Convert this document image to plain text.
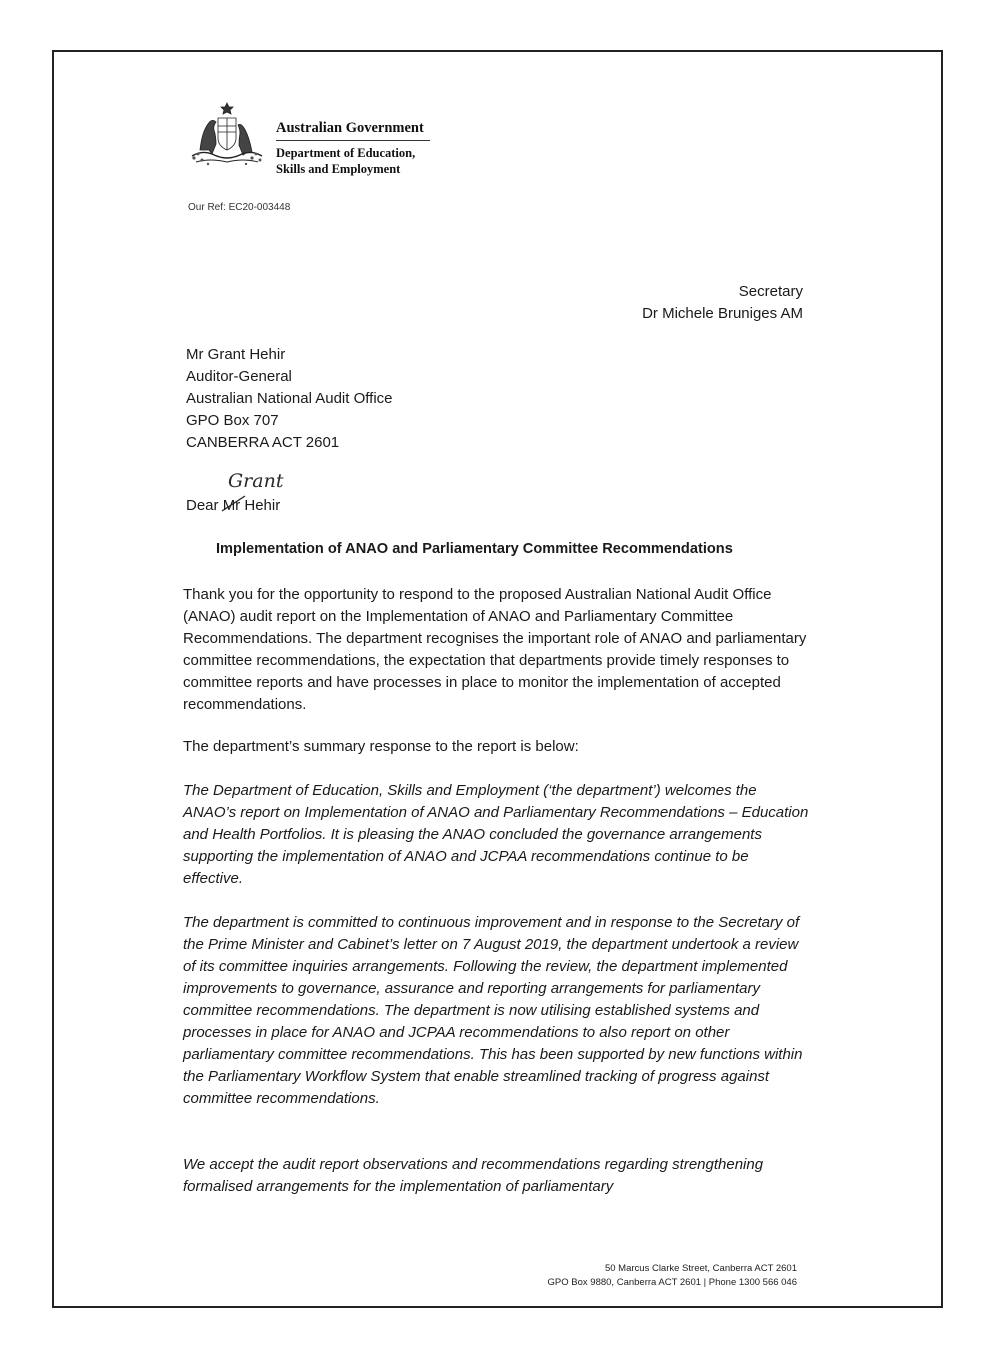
Australian Government
Department of Education,
Skills and Employment
Our Ref: EC20-003448
Secretary
Dr Michele Bruniges AM
Mr Grant Hehir
Auditor-General
Australian National Audit Office
GPO Box 707
CANBERRA ACT 2601
Grant
Dear Mr H
ehir
Implementation of ANAO and Parliamentary Committee Recommendations
Thank you for the opportunity to respond to the proposed Australian National Audit Office (ANAO) audit report on the Implementation of ANAO and Parliamentary Committee Recommendations. The department recognises the important role of ANAO and parliamentary committee recommendations, the expectation that departments provide timely responses to committee reports and have processes in place to monitor the implementation of accepted recommendations.
The department’s summary response to the report is below:
The Department of Education, Skills and Employment (‘the department’) welcomes the ANAO’s report on Implementation of ANAO and Parliamentary Recommendations – Education and Health Portfolios. It is pleasing the ANAO concluded the governance arrangements supporting the implementation of ANAO and JCPAA recommendations continue to be effective.
The department is committed to continuous improvement and in response to the Secretary of the Prime Minister and Cabinet’s letter on 7 August 2019, the department undertook a review of its committee inquiries arrangements. Following the review, the department implemented improvements to governance, assurance and reporting arrangements for parliamentary committee recommendations. The department is now utilising established systems and processes in place for ANAO and JCPAA recommendations to also report on other parliamentary committee recommendations. This has been supported by new functions within the Parliamentary Workflow System that enable streamlined tracking of progress against committee recommendations.
We accept the audit report observations and recommendations regarding strengthening formalised arrangements for the implementation of parliamentary
50 Marcus Clarke Street, Canberra ACT 2601
GPO Box 9880, Canberra ACT 2601 | Phone 1300 566 046
